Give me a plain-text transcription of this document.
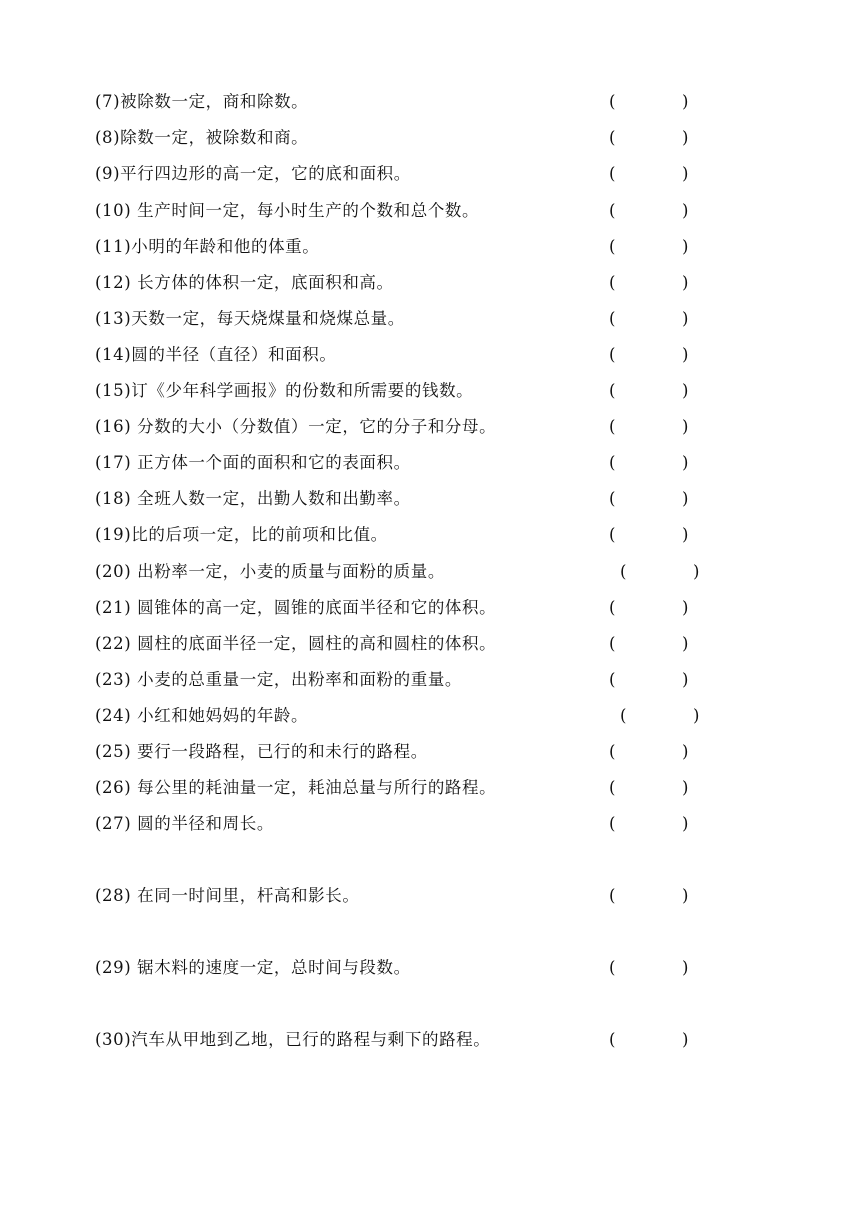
(7)被除数一定，商和除数。	(	)
(8)除数一定，被除数和商。	(	)
(9)平行四边形的高一定，它的底和面积。	(	)
(10) 生产时间一定，每小时生产的个数和总个数。	(	)
(11)小明的年龄和他的体重。	(	)
(12) 长方体的体积一定，底面积和高。	(	)
(13)天数一定，每天烧煤量和烧煤总量。	(	)
(14)圆的半径（直径）和面积。	(	)
(15)订《少年科学画报》的份数和所需要的钱数。	(	)
(16) 分数的大小（分数值）一定，它的分子和分母。	(	)
(17) 正方体一个面的面积和它的表面积。	(	)
(18) 全班人数一定，出勤人数和出勤率。	(	)
(19)比的后项一定，比的前项和比值。	(	)
(20) 出粉率一定，小麦的质量与面粉的质量。	(	)
(21) 圆锥体的高一定，圆锥的底面半径和它的体积。	(	)
(22) 圆柱的底面半径一定，圆柱的高和圆柱的体积。	(	)
(23) 小麦的总重量一定，出粉率和面粉的重量。	(	)
(24) 小红和她妈妈的年龄。	(	)
(25) 要行一段路程，已行的和未行的路程。	(	)
(26) 每公里的耗油量一定，耗油总量与所行的路程。	(	)
(27) 圆的半径和周长。	(	)
(28) 在同一时间里，杆高和影长。	(	)
(29) 锯木料的速度一定，总时间与段数。	(	)
(30)汽车从甲地到乙地，已行的路程与剩下的路程。	(	)
